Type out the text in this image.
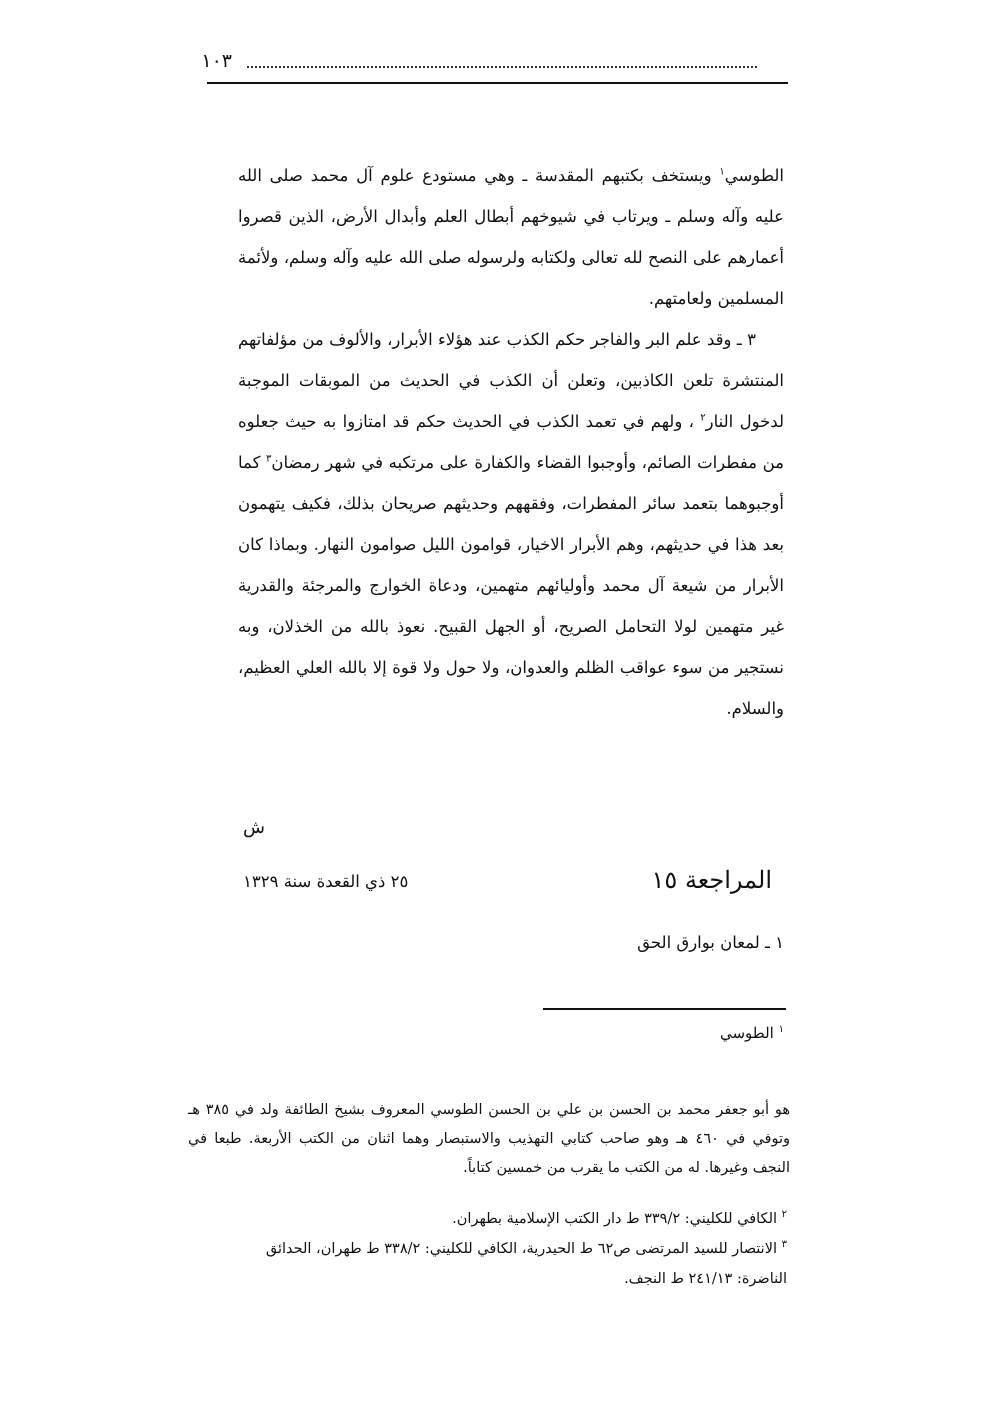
١٠٣

الطوسي$^١$ ويستخف بكتبهم المقدسة ـ وهي مستودع علوم آل محمد صلى الله عليه وآله وسلم ـ ويرتاب في شيوخهم أبطال العلم وأبدال الأرض، الذين قصروا أعمارهم على النصح لله تعالى ولكتابه ولرسوله صلى الله عليه وآله وسلم، ولأئمة المسلمين ولعامتهم.

٣ ـ وقد علم البر والفاجر حكم الكذب عند هؤلاء الأبرار، والألوف من مؤلفاتهم المنتشرة تلعن الكاذبين، وتعلن أن الكذب في الحديث من الموبقات الموجبة لدخول النار$^٢$ ، ولهم في تعمد الكذب في الحديث حكم قد امتازوا به حيث جعلوه من مفطرات الصائم، وأوجبوا القضاء والكفارة على مرتكبه في شهر رمضان$^٣$ كما أوجبوهما بتعمد سائر المفطرات، وفقههم وحديثهم صريحان بذلك، فكيف يتهمون بعد هذا في حديثهم، وهم الأبرار الاخيار، قوامون الليل صوامون النهار. وبماذا كان الأبرار من شيعة آل محمد وأوليائهم متهمين، ودعاة الخوارج والمرجئة والقدرية غير متهمين لولا التحامل الصريح، أو الجهل القبيح. نعوذ بالله من الخذلان، وبه نستجير من سوء عواقب الظلم والعدوان، ولا حول ولا قوة إلا بالله العلي العظيم، والسلام.

ش
المراجعة ١٥
٢٥ ذي القعدة سنة ١٣٢٩
١ ـ لمعان بوارق الحق
$^١$ الطوسي

هو أبو جعفر محمد بن الحسن بن علي بن الحسن الطوسي المعروف بشيخ الطائفة ولد في ٣٨٥ هـ وتوفي في ٤٦٠ هـ وهو صاحب كتابي التهذيب والاستبصار وهما اثنان من الكتب الأربعة. طبعا في النجف وغيرها. له من الكتب ما يقرب من خمسين كتاباً.

$^٢$ الكافي للكليني: ٣٣٩/٢ ط دار الكتب الإسلامية بطهران.

$^٣$ الانتصار للسيد المرتضى ص٦٢ ط الحيدرية، الكافي للكليني: ٣٣٨/٢ ط طهران، الحدائق الناضرة: ٢٤١/١٣ ط النجف.
